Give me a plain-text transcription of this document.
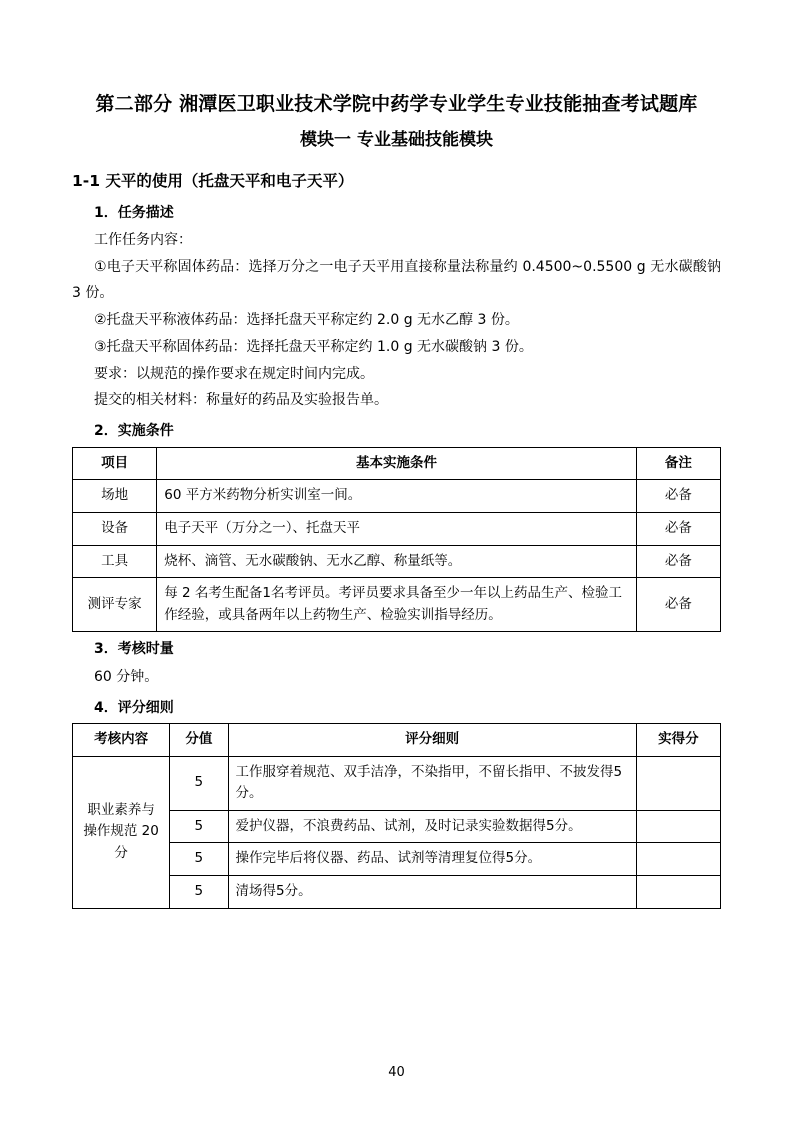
第二部分 湘潭医卫职业技术学院中药学专业学生专业技能抽查考试题库
模块一 专业基础技能模块
1-1 天平的使用（托盘天平和电子天平）
1．任务描述

工作任务内容：

①电子天平称固体药品：选择万分之一电子天平用直接称量法称量约 0.4500~0.5500 g 无水碳酸钠 3 份。

②托盘天平称液体药品：选择托盘天平称定约 2.0 g 无水乙醇 3 份。

③托盘天平称固体药品：选择托盘天平称定约 1.0 g 无水碳酸钠 3 份。

要求：以规范的操作要求在规定时间内完成。

提交的相关材料：称量好的药品及实验报告单。

2．实施条件
项目	基本实施条件	备注
场地	60 平方米药物分析实训室一间。	必备
设备	电子天平（万分之一）、托盘天平	必备
工具	烧杯、滴管、无水碳酸钠、无水乙醇、称量纸等。	必备
测评专家	每 2 名考生配备1名考评员。考评员要求具备至少一年以上药品生产、检验工作经验，或具备两年以上药物生产、检验实训指导经历。	必备
3．考核时量

60 分钟。

4．评分细则
考核内容	分值	评分细则	实得分
职业素养与 操作规范 20 分	5	工作服穿着规范、双手洁净，不染指甲，不留长指甲、不披发得5分。	
	5	爱护仪器，不浪费药品、试剂，及时记录实验数据得5分。	
	5	操作完毕后将仪器、药品、试剂等清理复位得5分。	
	5	清场得5分。	
40
